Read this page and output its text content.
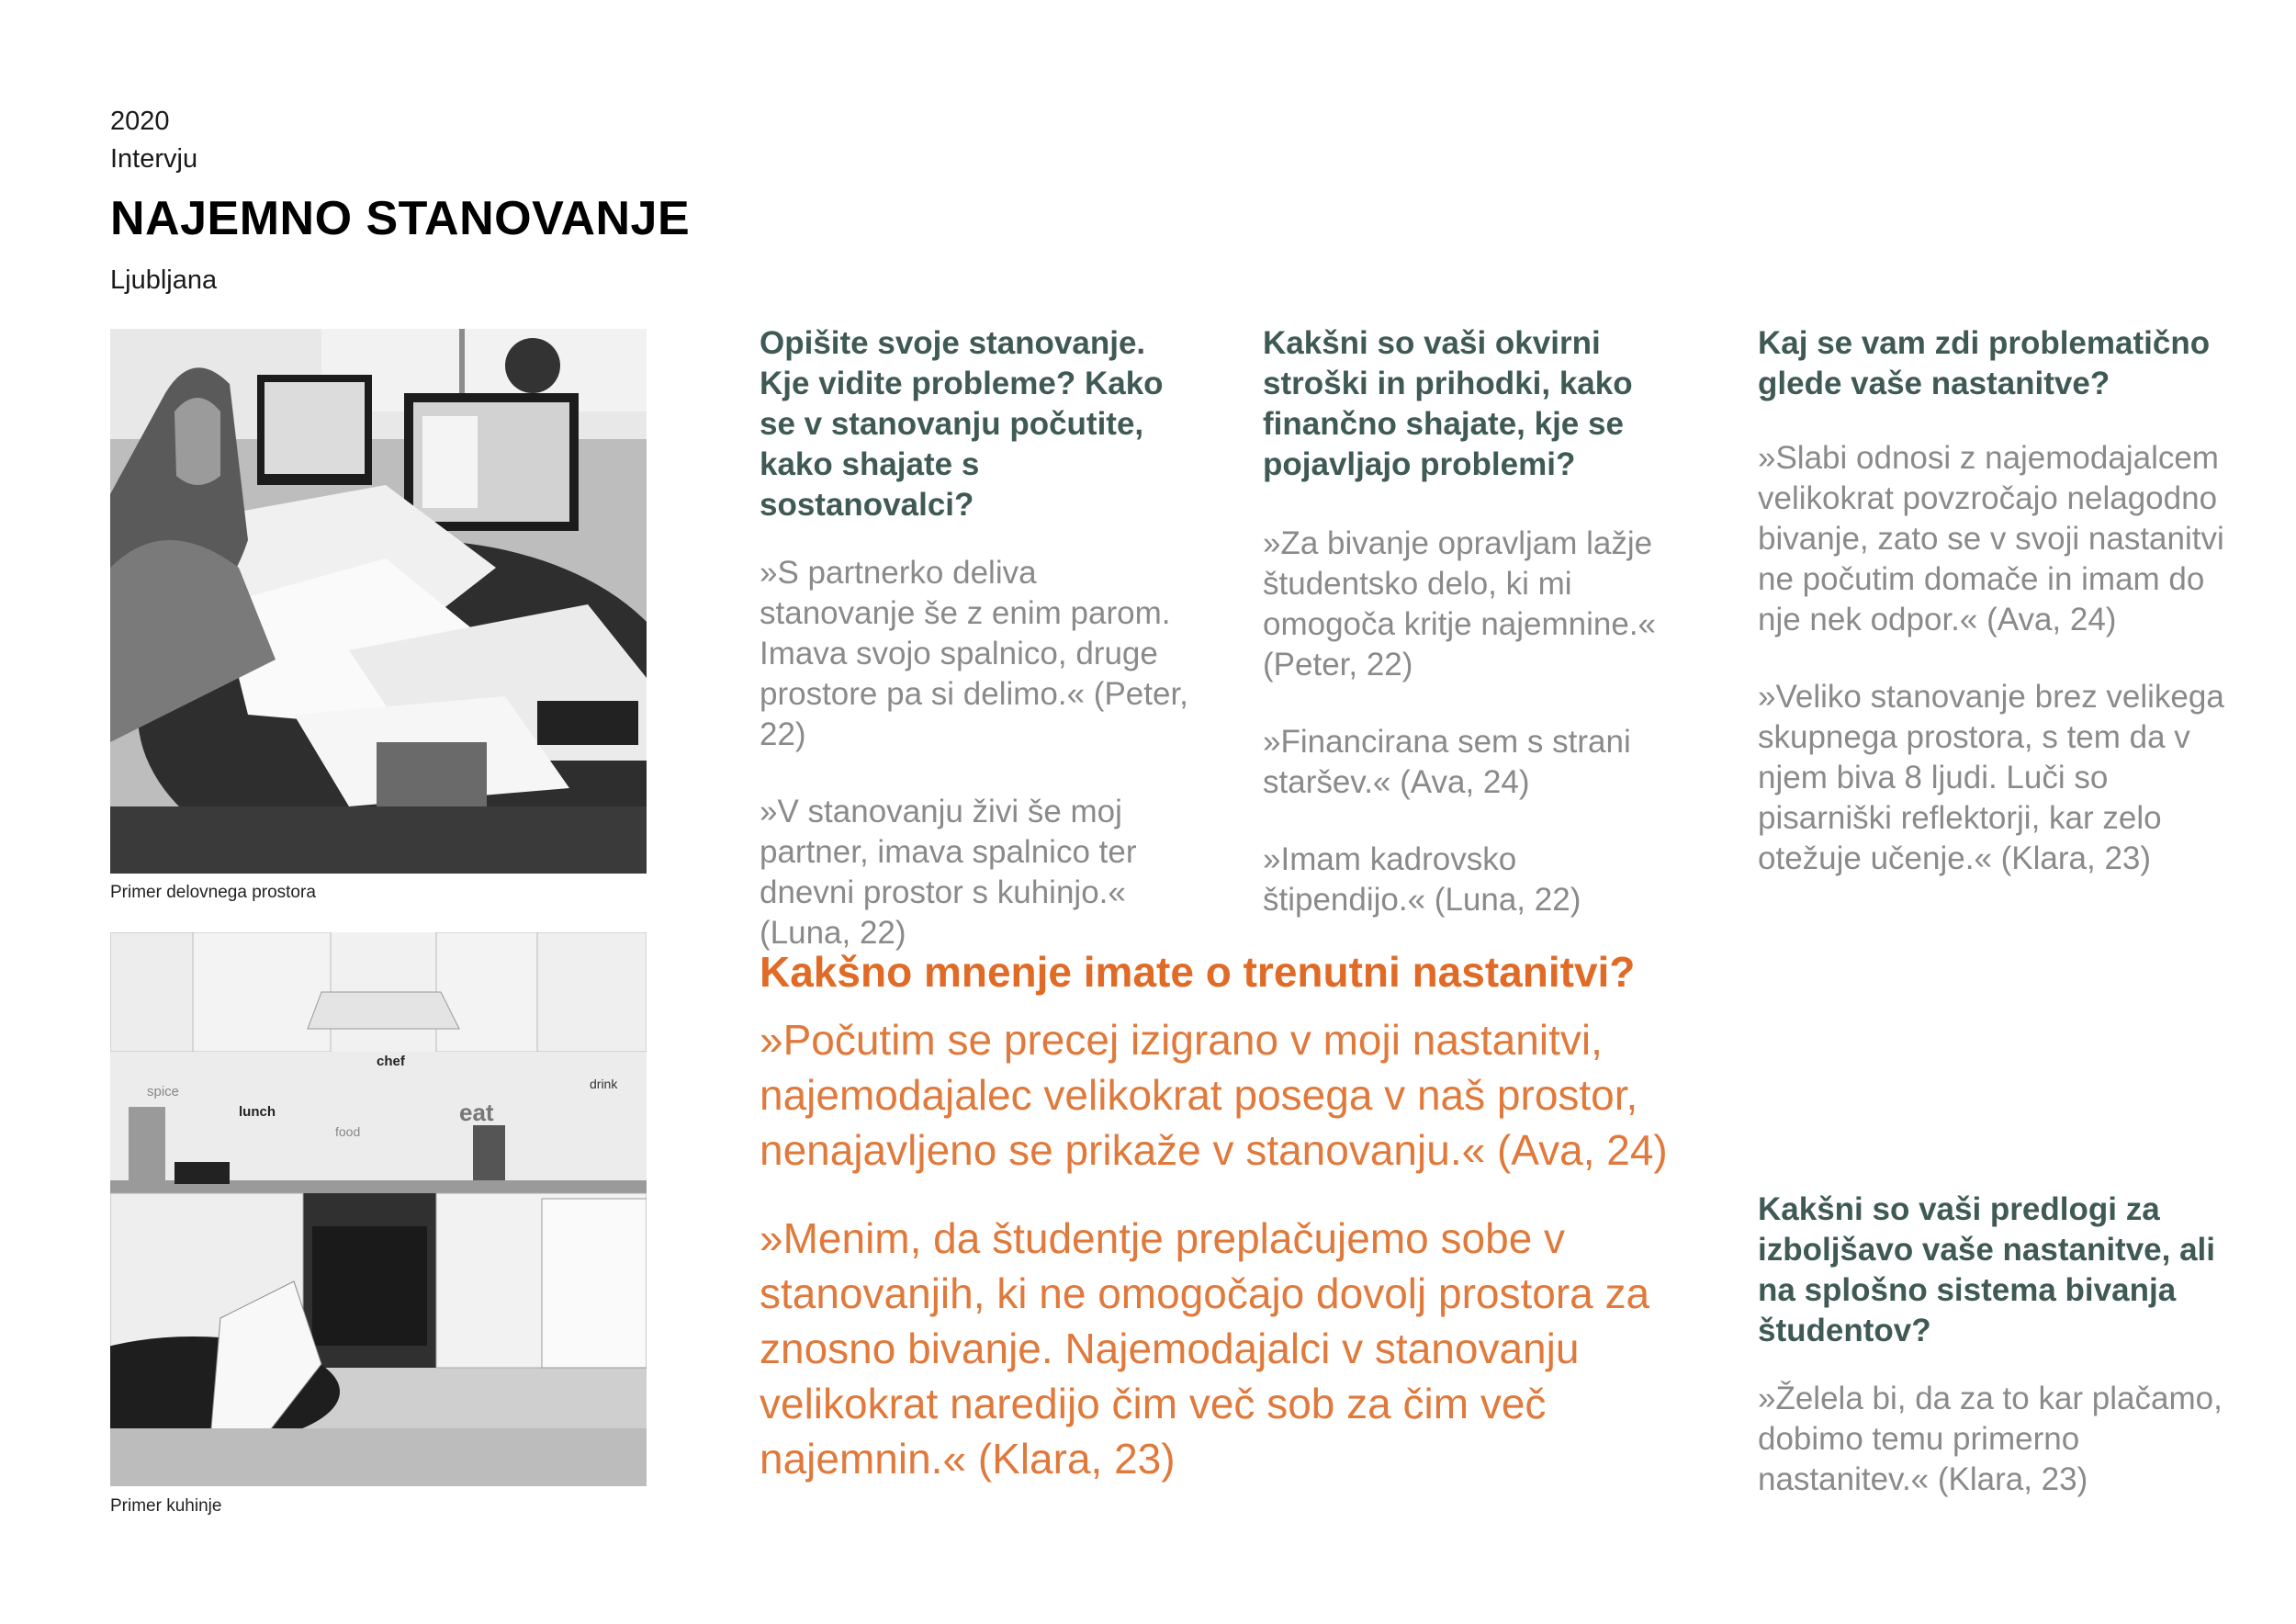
2020
Intervju
NAJEMNO STANOVANJE
Ljubljana
Primer delovnega prostora
spice
lunch
chef
food
eat
drink
Primer kuhinje
Opišite svoje stanovanje. Kje vidite probleme? Kako se v stanovanju počutite, kako shajate s sostanovalci?

»S partnerko deliva stanovanje še z enim parom. Imava svojo spalnico, druge prostore pa si delimo.« (Peter, 22)

»V stanovanju živi še moj partner, imava spalnico ter dnevni prostor s kuhinjo.« (Luna, 22)

Kakšni so vaši okvirni stroški in prihodki, kako finančno shajate, kje se pojavljajo problemi?

»Za bivanje opravljam lažje študentsko delo, ki mi omogoča kritje najemnine.« (Peter, 22)

»Financirana sem s strani staršev.« (Ava, 24)

»Imam kadrovsko štipendijo.« (Luna, 22)

Kaj se vam zdi problematično glede vaše nastanitve?

»Slabi odnosi z najemodajalcem velikokrat povzročajo nelagodno bivanje, zato se v svoji nastanitvi ne počutim domače in imam do nje nek odpor.« (Ava, 24)

»Veliko stanovanje brez velikega skupnega prostora, s tem da v njem biva 8 ljudi. Luči so pisarniški reflektorji, kar zelo otežuje učenje.« (Klara, 23)

Kakšno mnenje imate o trenutni nastanitvi?

»Počutim se precej izigrano v moji nastanitvi, najemodajalec velikokrat posega v naš prostor, nenajavljeno se prikaže v stanovanju.« (Ava, 24)

»Menim, da študentje preplačujemo sobe v stanovanjih, ki ne omogočajo dovolj prostora za znosno bivanje. Najemodajalci v stanovanju velikokrat naredijo čim več sob za čim več najemnin.« (Klara, 23)

Kakšni so vaši predlogi za izboljšavo vaše nastanitve, ali na splošno sistema bivanja študentov?

»Želela bi, da za to kar plačamo, dobimo temu primerno nastanitev.« (Klara, 23)
